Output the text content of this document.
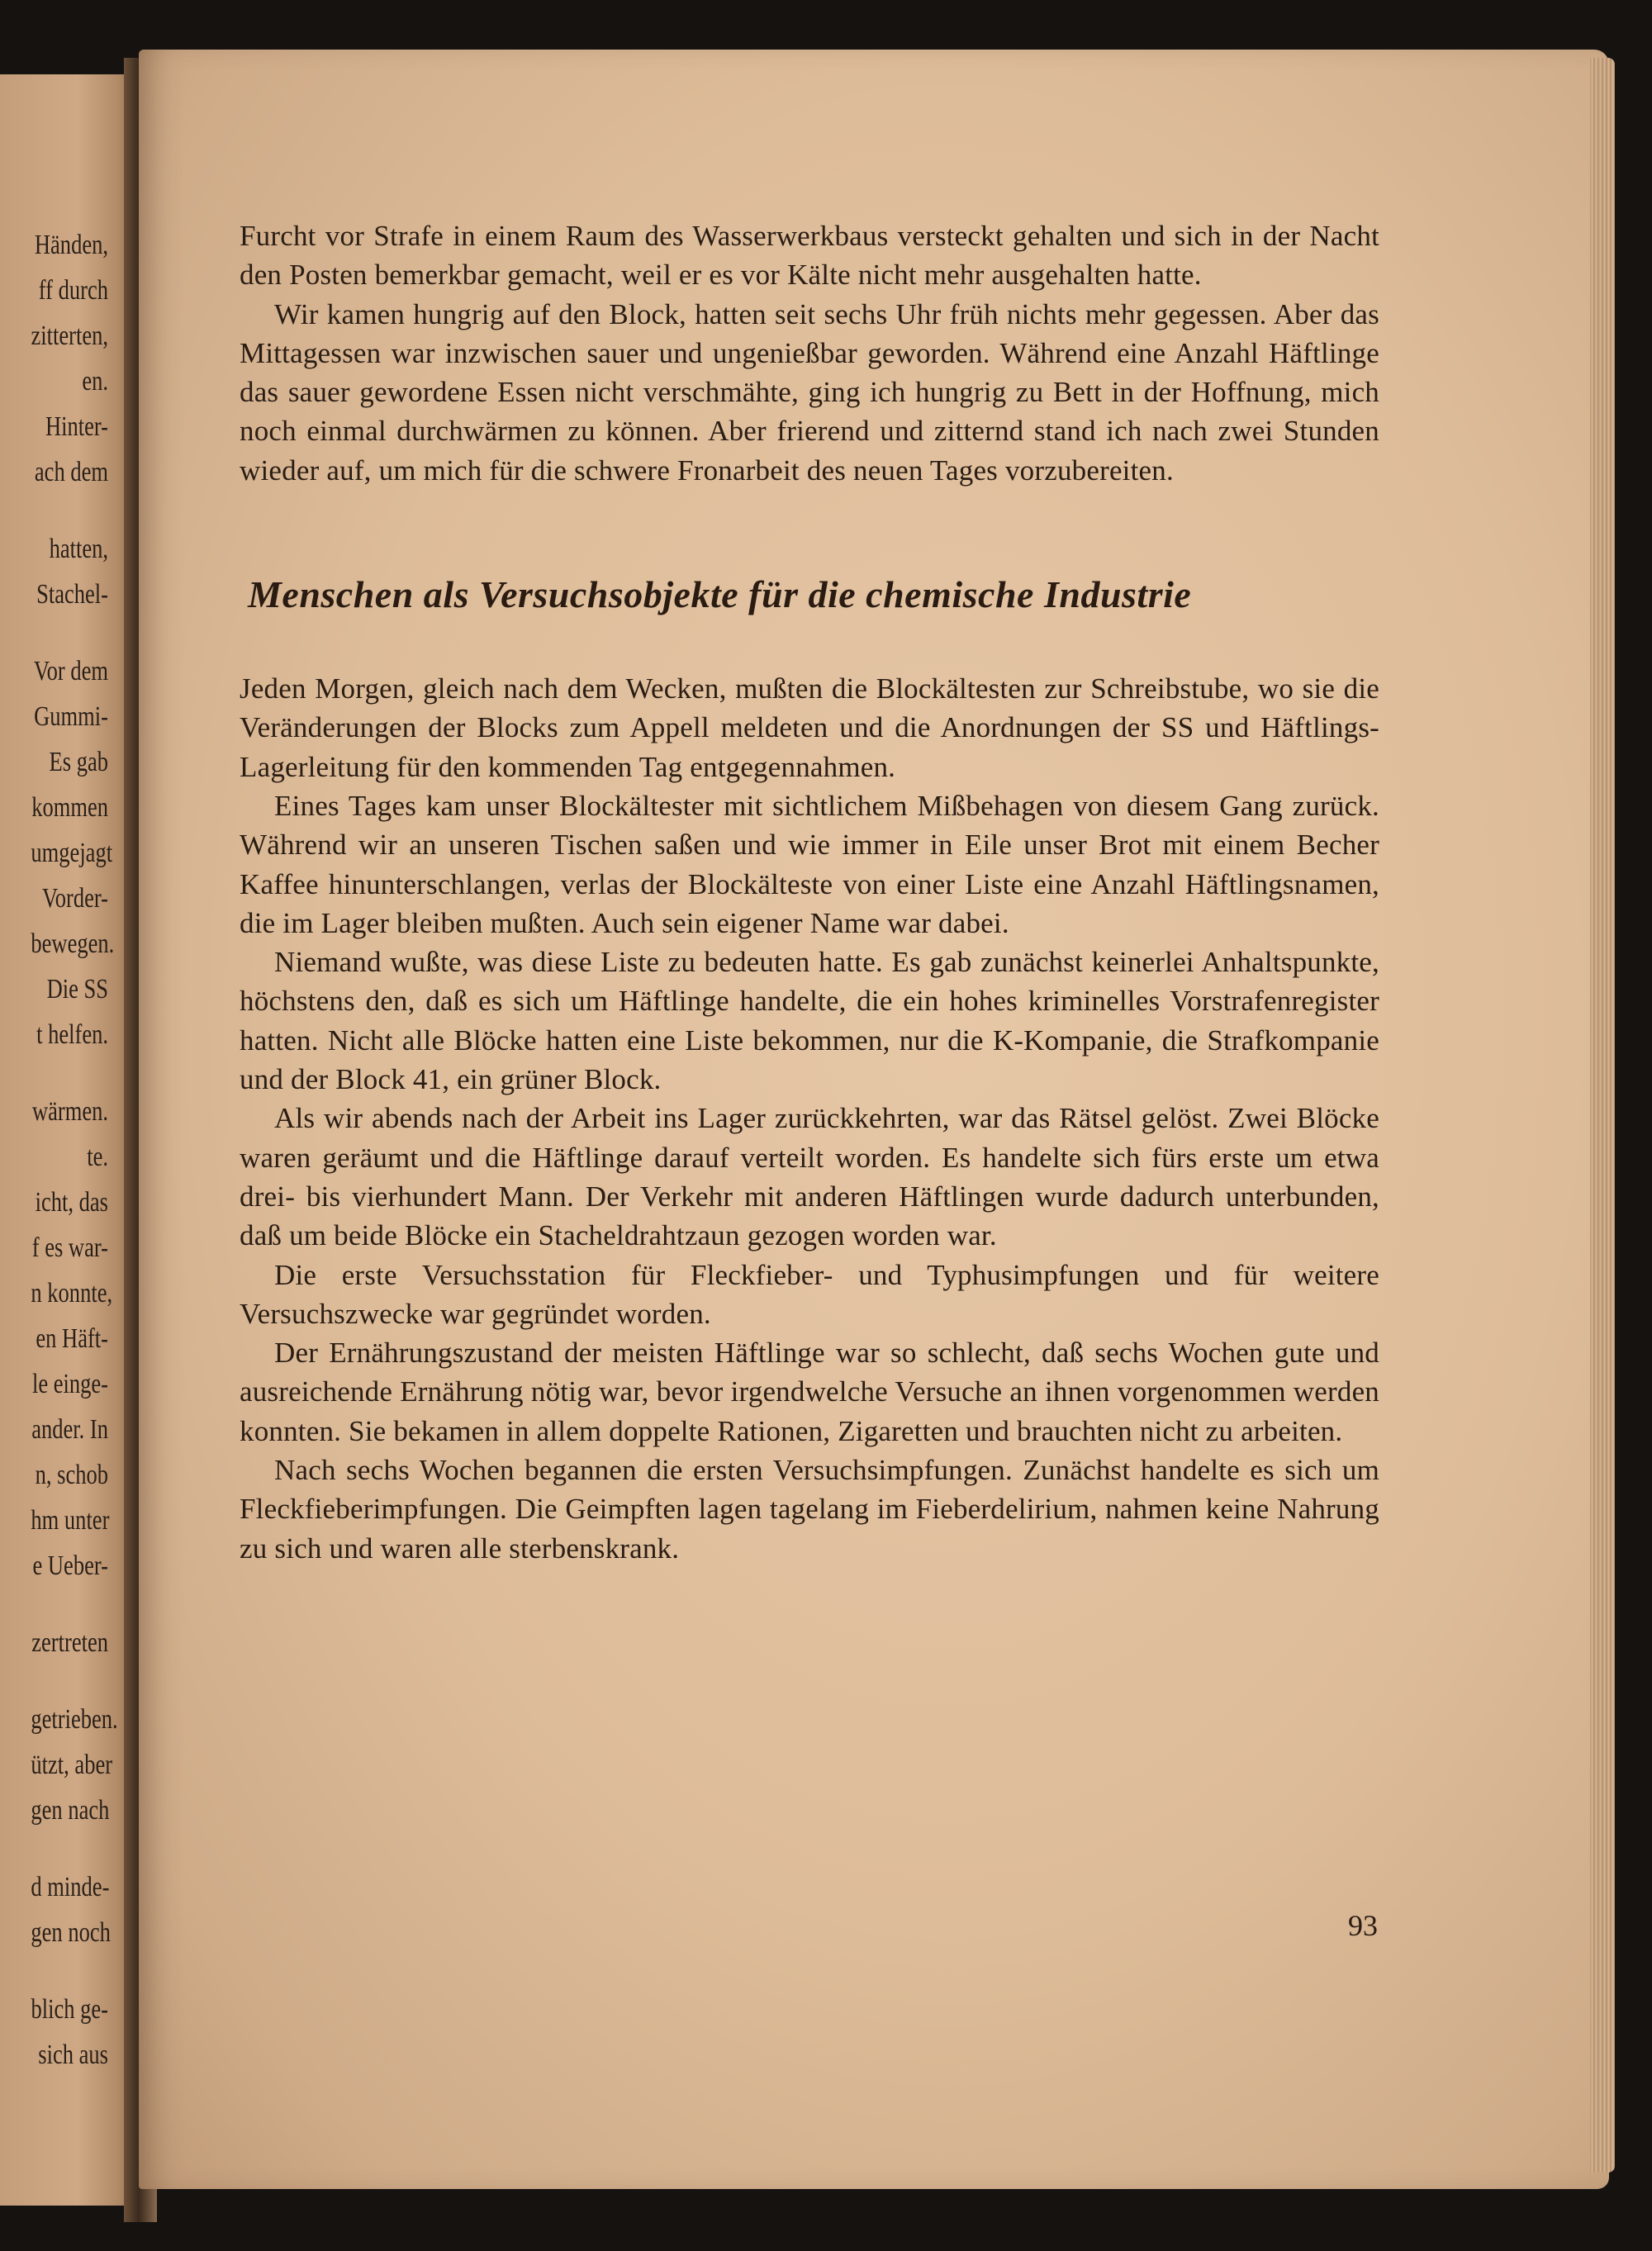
Händen,
ff durch
zitterten,
en.
Hinter-
ach dem
hatten,
Stachel-
Vor dem
Gummi-
Es gab
kommen
umgejagt
Vorder-
bewegen.
Die SS
t helfen.
wärmen.
te.
icht, das
f es war-
n konnte,
en Häft-
le einge-
ander. In
n, schob
hm unter
e Ueber-
zertreten
getrieben.
ützt, aber
gen nach
d minde-
gen noch
blich ge-
sich aus

Furcht vor Strafe in einem Raum des Wasserwerkbaus versteckt gehalten und sich in der Nacht den Posten bemerkbar gemacht, weil er es vor Kälte nicht mehr ausgehalten hatte.

Wir kamen hungrig auf den Block, hatten seit sechs Uhr früh nichts mehr gegessen. Aber das Mittagessen war inzwischen sauer und ungenießbar geworden. Während eine Anzahl Häftlinge das sauer gewordene Essen nicht verschmähte, ging ich hungrig zu Bett in der Hoffnung, mich noch einmal durchwärmen zu können. Aber frierend und zitternd stand ich nach zwei Stunden wieder auf, um mich für die schwere Fronarbeit des neuen Tages vorzubereiten.

Menschen als Versuchsobjekte für die chemische Industrie

Jeden Morgen, gleich nach dem Wecken, mußten die Blockältesten zur Schreibstube, wo sie die Veränderungen der Blocks zum Appell meldeten und die Anordnungen der SS und Häftlings-Lagerleitung für den kommenden Tag entgegennahmen.

Eines Tages kam unser Blockältester mit sichtlichem Mißbehagen von diesem Gang zurück. Während wir an unseren Tischen saßen und wie immer in Eile unser Brot mit einem Becher Kaffee hinunterschlangen, verlas der Blockälteste von einer Liste eine Anzahl Häftlingsnamen, die im Lager bleiben mußten. Auch sein eigener Name war dabei.

Niemand wußte, was diese Liste zu bedeuten hatte. Es gab zunächst keinerlei Anhaltspunkte, höchstens den, daß es sich um Häftlinge handelte, die ein hohes kriminelles Vorstrafenregister hatten. Nicht alle Blöcke hatten eine Liste bekommen, nur die K-Kompanie, die Strafkompanie und der Block 41, ein grüner Block.

Als wir abends nach der Arbeit ins Lager zurückkehrten, war das Rätsel gelöst. Zwei Blöcke waren geräumt und die Häftlinge darauf verteilt worden. Es handelte sich fürs erste um etwa drei- bis vierhundert Mann. Der Verkehr mit anderen Häftlingen wurde dadurch unterbunden, daß um beide Blöcke ein Stacheldrahtzaun gezogen worden war.

Die erste Versuchsstation für Fleckfieber- und Typhusimpfungen und für weitere Versuchszwecke war gegründet worden.

Der Ernährungszustand der meisten Häftlinge war so schlecht, daß sechs Wochen gute und ausreichende Ernährung nötig war, bevor irgendwelche Versuche an ihnen vorgenommen werden konnten. Sie bekamen in allem doppelte Rationen, Zigaretten und brauchten nicht zu arbeiten.

Nach sechs Wochen begannen die ersten Versuchsimpfungen. Zunächst handelte es sich um Fleckfieberimpfungen. Die Geimpften lagen tagelang im Fieberdelirium, nahmen keine Nahrung zu sich und waren alle sterbenskrank.

93
